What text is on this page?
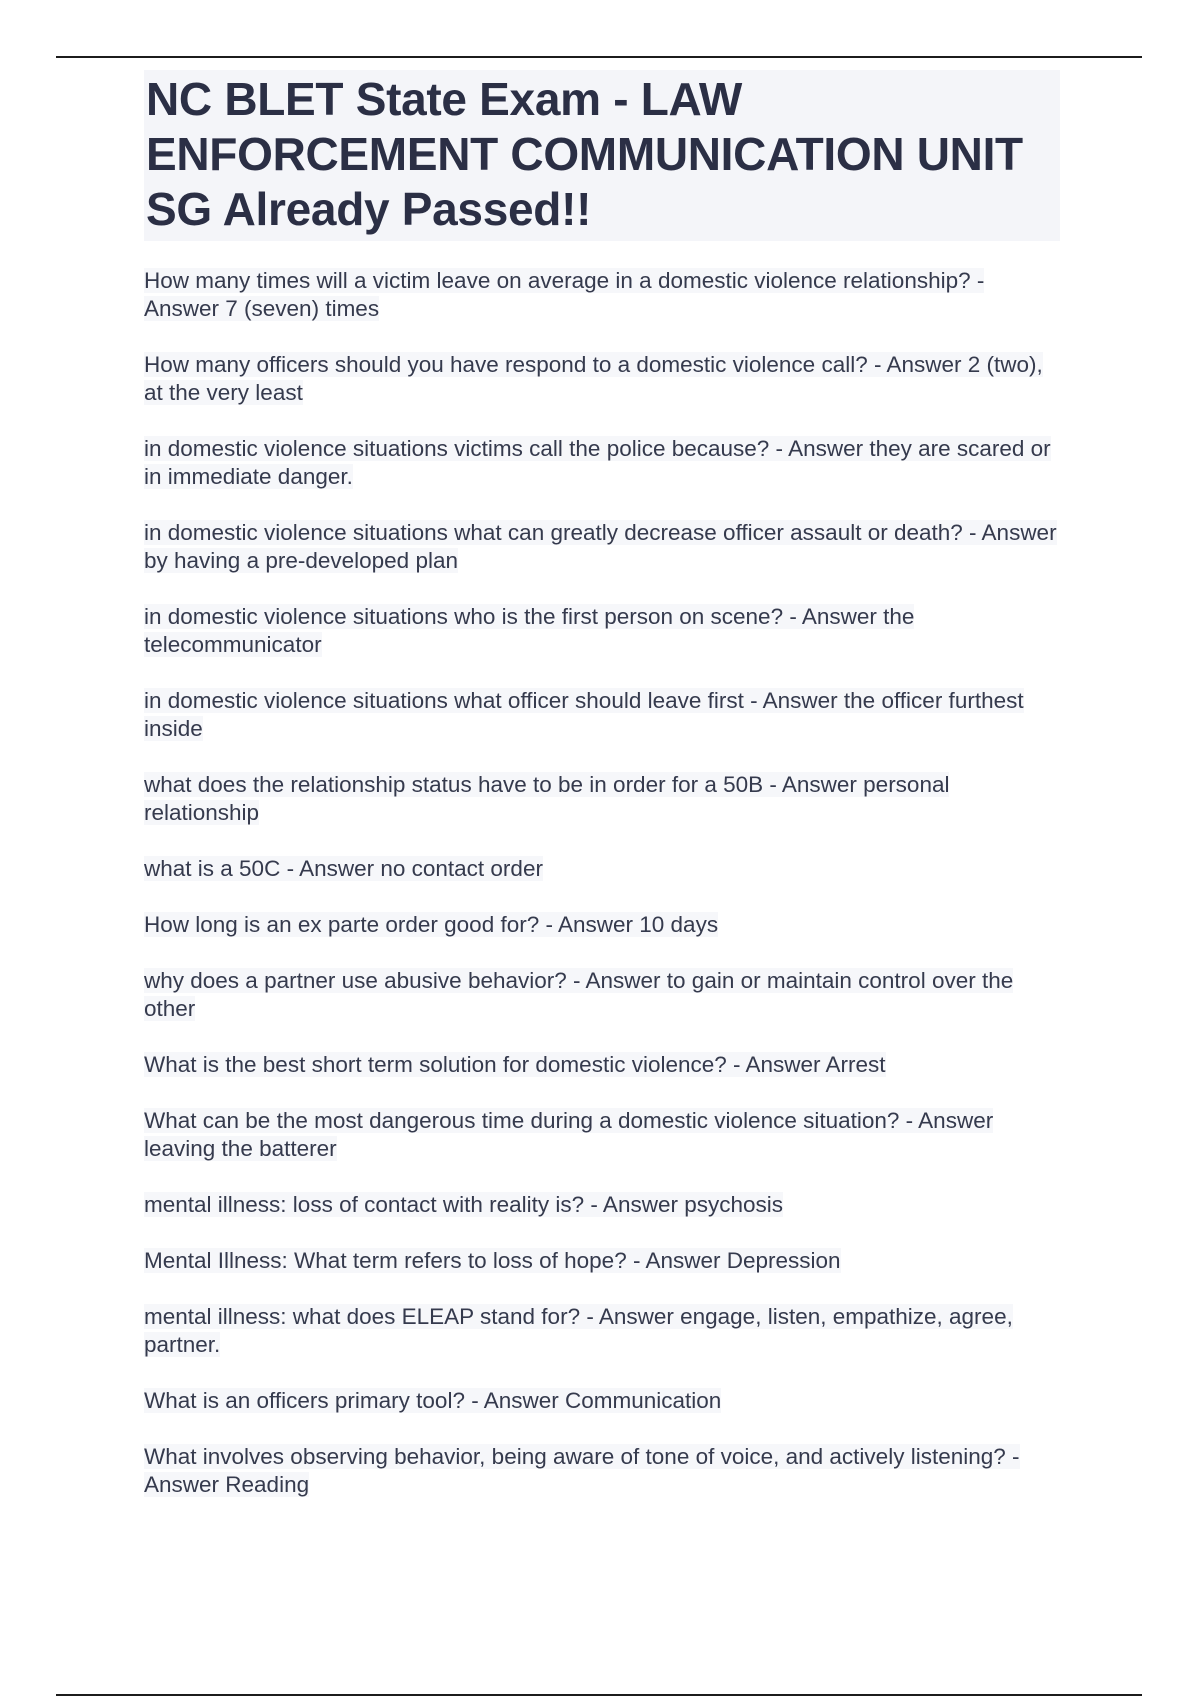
NC BLET State Exam - LAW ENFORCEMENT COMMUNICATION UNIT SG Already Passed!!
How many times will a victim leave on average in a domestic violence relationship? - Answer 7 (seven) times
How many officers should you have respond to a domestic violence call? - Answer 2 (two), at the very least
in domestic violence situations victims call the police because? - Answer they are scared or in immediate danger.
in domestic violence situations what can greatly decrease officer assault or death? - Answer by having a pre-developed plan
in domestic violence situations who is the first person on scene? - Answer the telecommunicator
in domestic violence situations what officer should leave first - Answer the officer furthest inside
what does the relationship status have to be in order for a 50B - Answer personal relationship
what is a 50C - Answer no contact order
How long is an ex parte order good for? - Answer 10 days
why does a partner use abusive behavior? - Answer to gain or maintain control over the other
What is the best short term solution for domestic violence? - Answer Arrest
What can be the most dangerous time during a domestic violence situation? - Answer leaving the batterer
mental illness: loss of contact with reality is? - Answer psychosis
Mental Illness: What term refers to loss of hope? - Answer Depression
mental illness: what does ELEAP stand for? - Answer engage, listen, empathize, agree, partner.
What is an officers primary tool? - Answer Communication
What involves observing behavior, being aware of tone of voice, and actively listening? - Answer Reading
